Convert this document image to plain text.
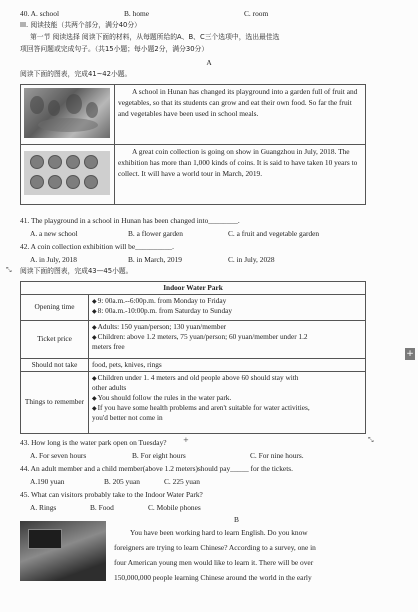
40. A. school	B. home	C. room
III. 阅读技能（共两个部分，满分40分）
第一节 阅读选择 阅读下面的材料，从每题所给的A、B、C三个选项中，选出最佳选
项回答问题或完成句子。（共15小题；每小题2分，满分30分）
A
阅读下面的图表，完成41~42小题。
	A school in Hunan has changed its playground into a garden full of fruit and vegetables, so that its students can grow and eat their own food. So far the fruit and vegetables have been used in school meals.

	A great coin collection is going on show in Guangzhou in July, 2018. The exhibition has more than 1,000 kinds of coins. It is said to have taken 10 years to collect. It will have a world tour in March, 2019.
41. The playground in a school in Hunan has been changed into________.
A. a new school	B. a flower garden	C. a fruit and vegetable garden
42. A coin collection exhibition will be__________.
A. in July, 2018	B. in March, 2019	C. in July, 2028
⤡	阅读下面的图表，完成43—45小题。
Indoor Water Park	
Opening time	◆9: 00a.m.--6:00p.m. from Monday to Friday
◆8: 00a.m.-10:00p.m. from Saturday to Sunday

Ticket price	◆Adults: 150 yuan/person; 130 yuan/member
◆Children: above 1.2 meters, 75 yuan/person; 60 yuan/member under 1.2
meters free

Should not take	food, pets, knives, rings
Things to remember	◆Children under 1. 4 meters and old people above 60 should stay with
other adults
◆You should follow the rules in the water park.
◆If you have some health problems and aren't suitable for water activities,
you'd better not come in
+
+	⤡
43. How long is the water park open on Tuesday?
A. For seven hours	B. For eight hours	C. For nine hours.
44. An adult member and a child member(above 1.2 meters)should pay_____ for the tickets.
A.190 yuan	B. 205 yuan	C. 225 yuan
45. What can visitors probably take to the Indoor Water Park?
A. Rings	B. Food	C. Mobile phones
B
You have been working hard to learn English. Do you know
foreigners are trying to learn Chinese? According to a survey, one in
four American young men would like to learn it. There will be over
150,000,000 people learning Chinese around the world in the early
